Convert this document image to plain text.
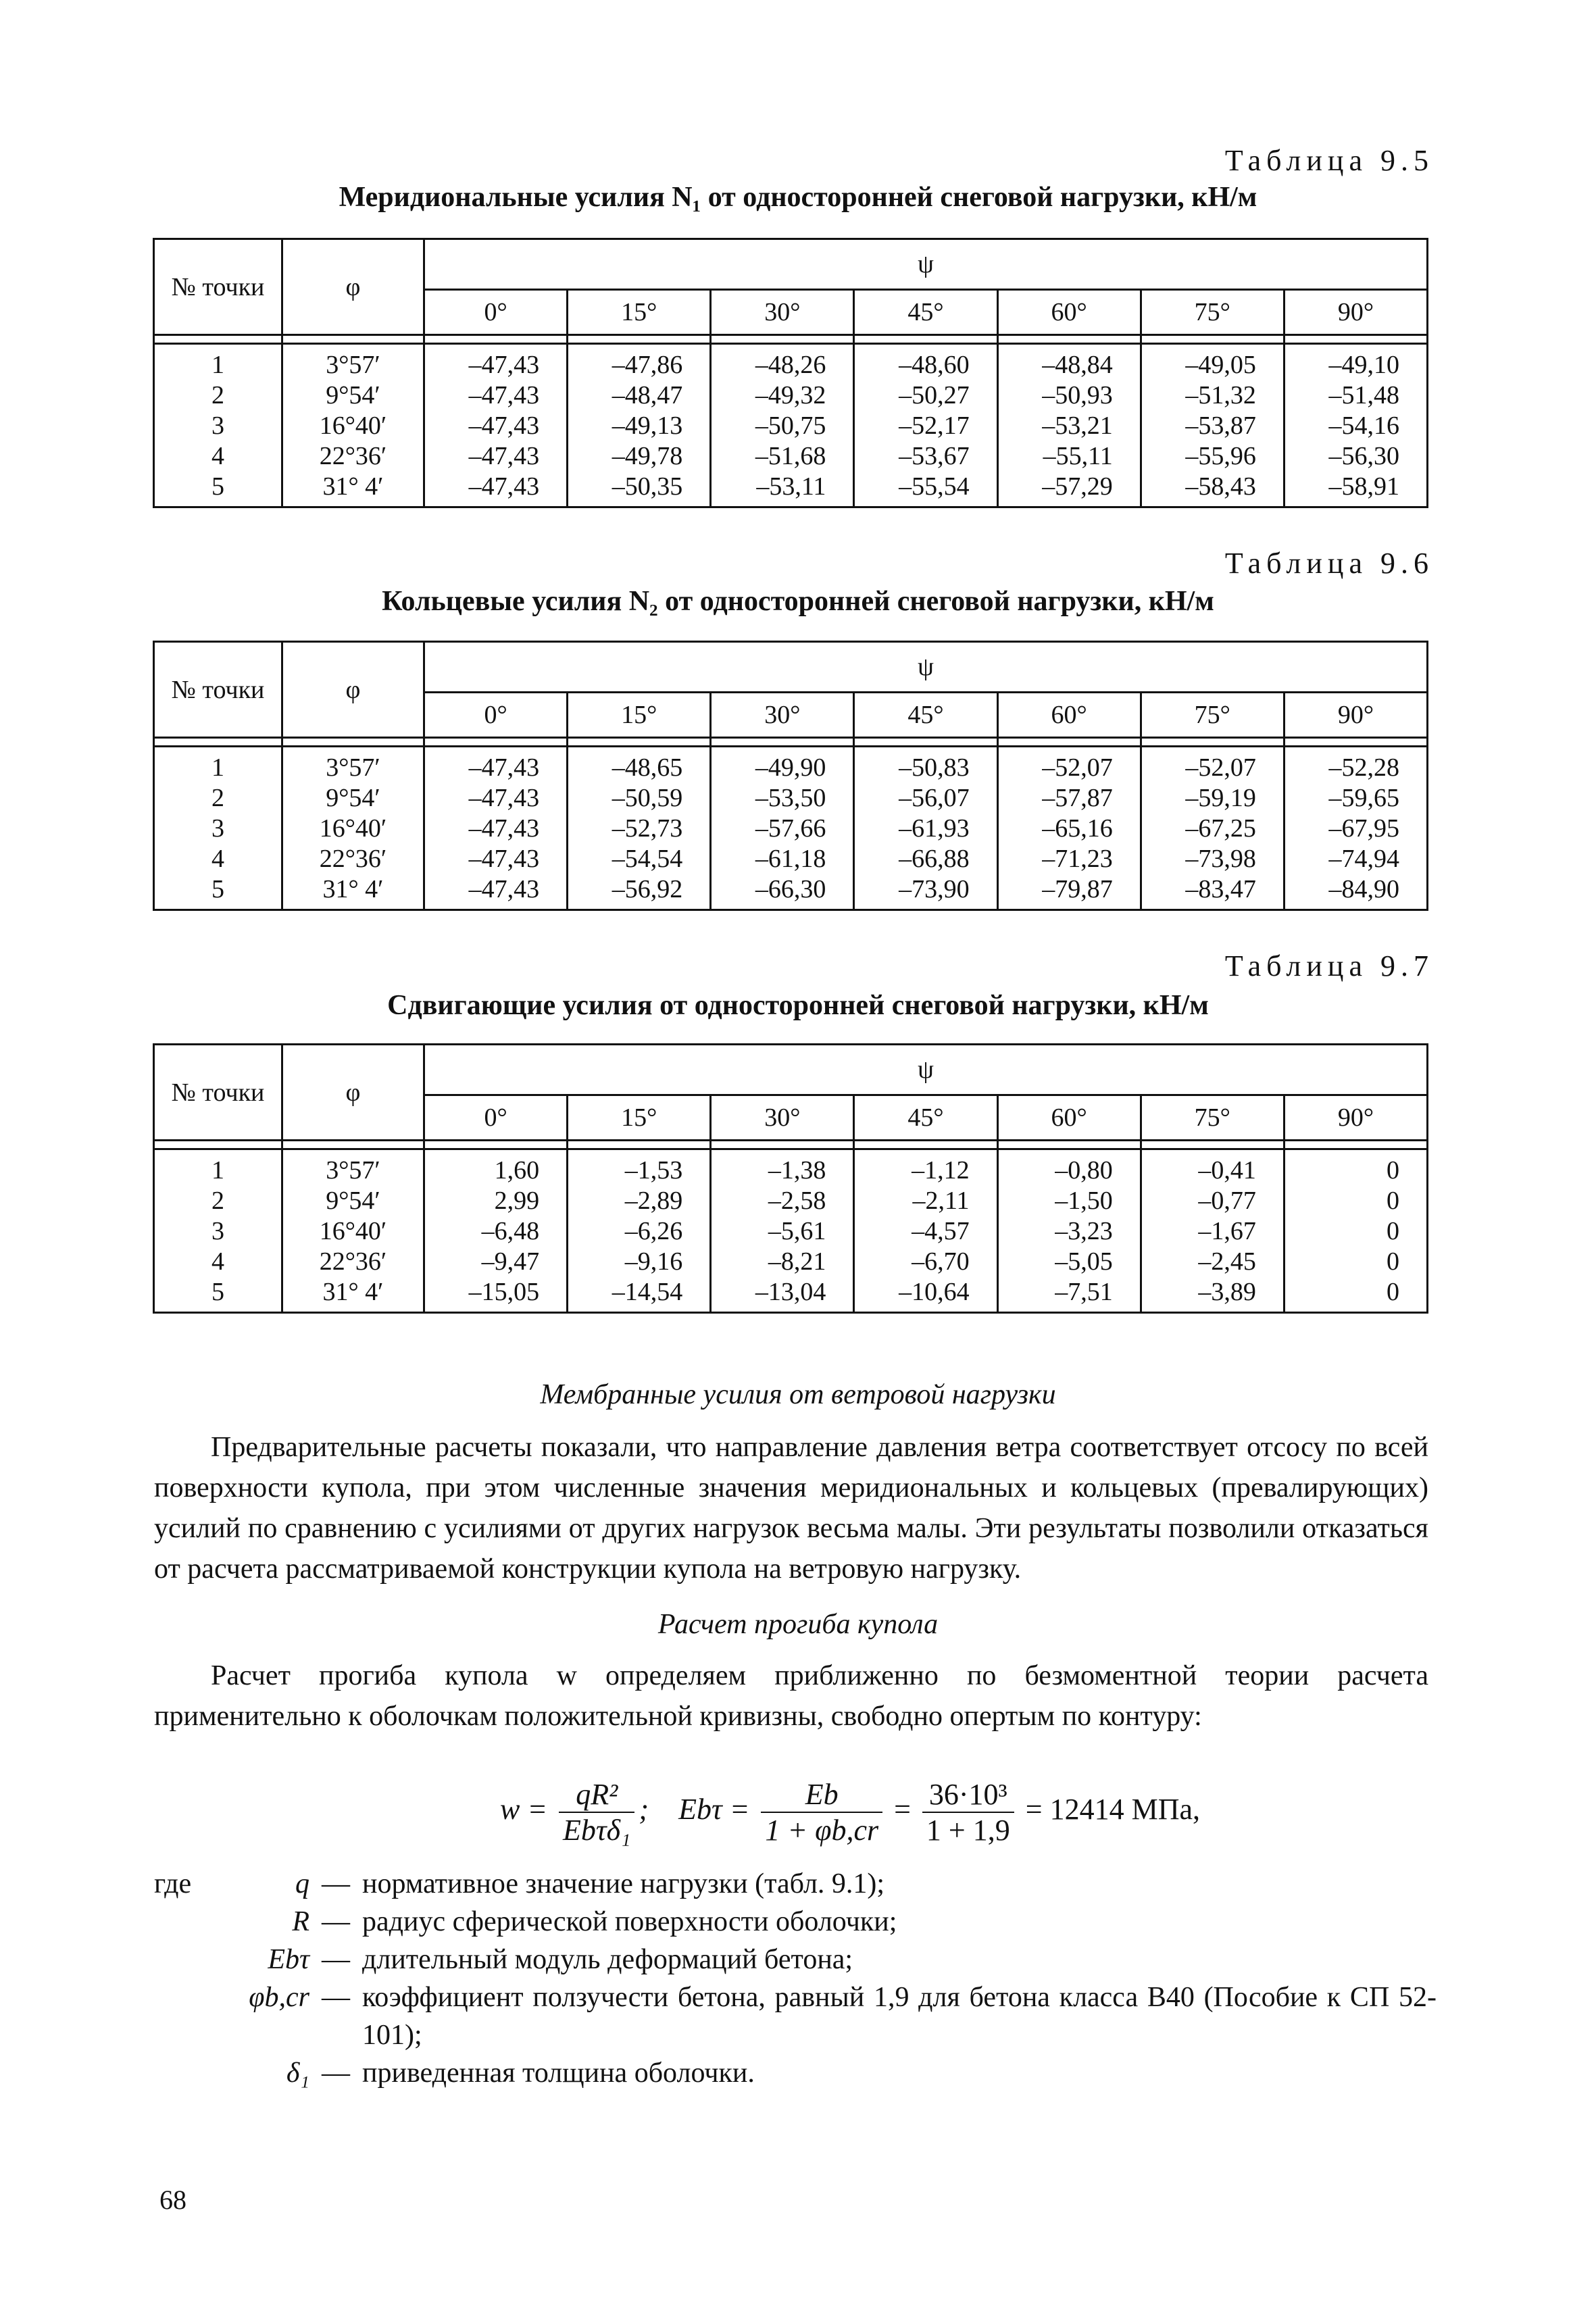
Таблица 9.5
Меридиональные усилия N₁ от односторонней снеговой нагрузки, кН/м
№ точки	φ	ψ						
		0°	15°	30°	45°	60°	75°	90°

1	3°57′	–47,43	–47,86	–48,26	–48,60	–48,84	–49,05	–49,10
2	9°54′	–47,43	–48,47	–49,32	–50,27	–50,93	–51,32	–51,48
3	16°40′	–47,43	–49,13	–50,75	–52,17	–53,21	–53,87	–54,16
4	22°36′	–47,43	–49,78	–51,68	–53,67	–55,11	–55,96	–56,30
5	31° 4′	–47,43	–50,35	–53,11	–55,54	–57,29	–58,43	–58,91
Таблица 9.6
Кольцевые усилия N₂ от односторонней снеговой нагрузки, кН/м
№ точки	φ	ψ						
		0°	15°	30°	45°	60°	75°	90°

1	3°57′	–47,43	–48,65	–49,90	–50,83	–52,07	–52,07	–52,28
2	9°54′	–47,43	–50,59	–53,50	–56,07	–57,87	–59,19	–59,65
3	16°40′	–47,43	–52,73	–57,66	–61,93	–65,16	–67,25	–67,95
4	22°36′	–47,43	–54,54	–61,18	–66,88	–71,23	–73,98	–74,94
5	31° 4′	–47,43	–56,92	–66,30	–73,90	–79,87	–83,47	–84,90
Таблица 9.7
Сдвигающие усилия от односторонней снеговой нагрузки, кН/м
№ точки	φ	ψ						
		0°	15°	30°	45°	60°	75°	90°

1	3°57′	1,60	–1,53	–1,38	–1,12	–0,80	–0,41	0
2	9°54′	2,99	–2,89	–2,58	–2,11	–1,50	–0,77	0
3	16°40′	–6,48	–6,26	–5,61	–4,57	–3,23	–1,67	0
4	22°36′	–9,47	–9,16	–8,21	–6,70	–5,05	–2,45	0
5	31° 4′	–15,05	–14,54	–13,04	–10,64	–7,51	–3,89	0
Мембранные усилия от ветровой нагрузки

Предварительные расчеты показали, что направление давления ветра соответствует отсосу по всей поверхности купола, при этом численные значения меридиональных и кольцевых (превалирующих) усилий по сравнению с усилиями от других нагрузок весьма малы. Эти результаты позволили отказаться от расчета рассматриваемой конструкции купола на ветровую нагрузку.

Расчет прогиба купола

Расчет прогиба купола w определяем приближенно по безмоментной теории расчета применительно к оболочкам положительной кривизны, свободно опертым по контуру:

$w = \frac{\text{qR²}}{\text{Ebτδ₁}}$ ; $Eb\tau = \frac{Eb}{1 + \varphi b,cr} = \frac{\text{36·10³}}{1 + 1,9} = 12414$ МПа,
где	q — нормативное значение нагрузки (табл. 9.1);
R — радиус сферической поверхности оболочки;
Ebτ — длительный модуль деформаций бетона;
φb,cr — коэффициент ползучести бетона, равный 1,9 для бетона класса В40 (Пособие к СП 52-101);
δ₁ — приведенная толщина оболочки.
68
